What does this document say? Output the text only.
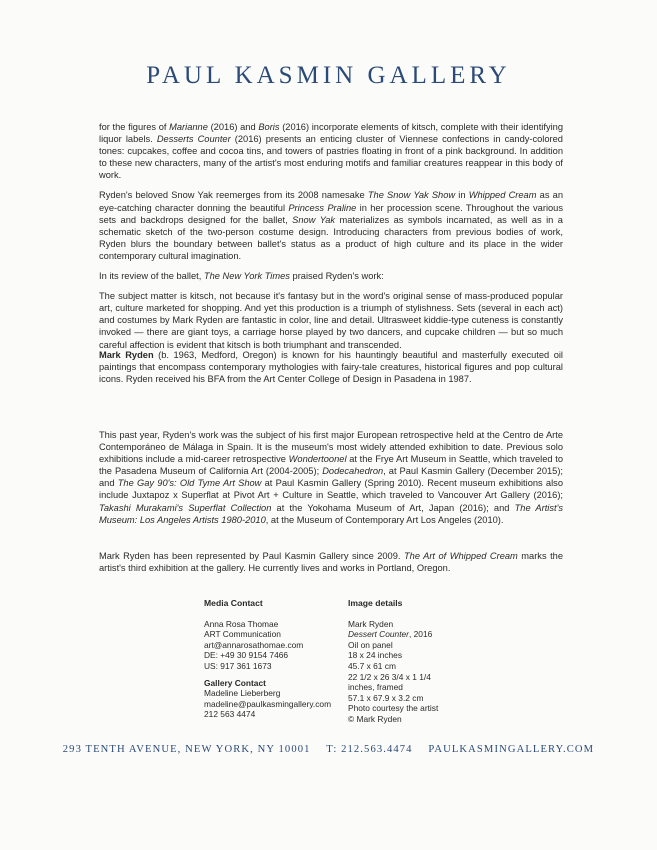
PAUL KASMIN GALLERY

for the figures of Marianne (2016) and Boris (2016) incorporate elements of kitsch, complete with their identifying liquor labels. Desserts Counter (2016) presents an enticing cluster of Viennese confections in candy-colored tones: cupcakes, coffee and cocoa tins, and towers of pastries floating in front of a pink background. In addition to these new characters, many of the artist's most enduring motifs and familiar creatures reappear in this body of work.

Ryden's beloved Snow Yak reemerges from its 2008 namesake The Snow Yak Show in Whipped Cream as an eye-catching character donning the beautiful Princess Praline in her procession scene. Throughout the various sets and backdrops designed for the ballet, Snow Yak materializes as symbols incarnated, as well as in a schematic sketch of the two-person costume design. Introducing characters from previous bodies of work, Ryden blurs the boundary between ballet's status as a product of high culture and its place in the wider contemporary cultural imagination.

In its review of the ballet, The New York Times praised Ryden's work:

The subject matter is kitsch, not because it's fantasy but in the word's original sense of mass-produced popular art, culture marketed for shopping. And yet this production is a triumph of stylishness. Sets (several in each act) and costumes by Mark Ryden are fantastic in color, line and detail. Ultrasweet kiddie-type cuteness is constantly invoked — there are giant toys, a carriage horse played by two dancers, and cupcake children — but so much careful affection is evident that kitsch is both triumphant and transcended.

Mark Ryden (b. 1963, Medford, Oregon) is known for his hauntingly beautiful and masterfully executed oil paintings that encompass contemporary mythologies with fairy-tale creatures, historical figures and pop cultural icons. Ryden received his BFA from the Art Center College of Design in Pasadena in 1987.

This past year, Ryden's work was the subject of his first major European retrospective held at the Centro de Arte Contemporáneo de Málaga in Spain. It is the museum's most widely attended exhibition to date. Previous solo exhibitions include a mid-career retrospective Wondertoonel at the Frye Art Museum in Seattle, which traveled to the Pasadena Museum of California Art (2004-2005); Dodecahedron, at Paul Kasmin Gallery (December 2015); and The Gay 90's: Old Tyme Art Show at Paul Kasmin Gallery (Spring 2010). Recent museum exhibitions also include Juxtapoz x Superflat at Pivot Art + Culture in Seattle, which traveled to Vancouver Art Gallery (2016); Takashi Murakami's Superflat Collection at the Yokohama Museum of Art, Japan (2016); and The Artist's Museum: Los Angeles Artists 1980-2010, at the Museum of Contemporary Art Los Angeles (2010).

Mark Ryden has been represented by Paul Kasmin Gallery since 2009. The Art of Whipped Cream marks the artist's third exhibition at the gallery. He currently lives and works in Portland, Oregon.

Media Contact
Anna Rosa Thomae
ART Communication
art@annarosathomae.com
DE: +49 30 9154 7466
US: 917 361 1673
Gallery Contact
Madeline Lieberberg
madeline@paulkasmingallery.com
212 563 4474
Image details
Mark Ryden
Dessert Counter, 2016
Oil on panel
18 x 24 inches
45.7 x 61 cm
22 1/2 x 26 3/4 x 1 1/4
inches, framed
57.1 x 67.9 x 3.2 cm
Photo courtesy the artist
© Mark Ryden
293 TENTH AVENUE, NEW YORK, NY 10001 T: 212.563.4474 PAULKASMINGALLERY.COM
